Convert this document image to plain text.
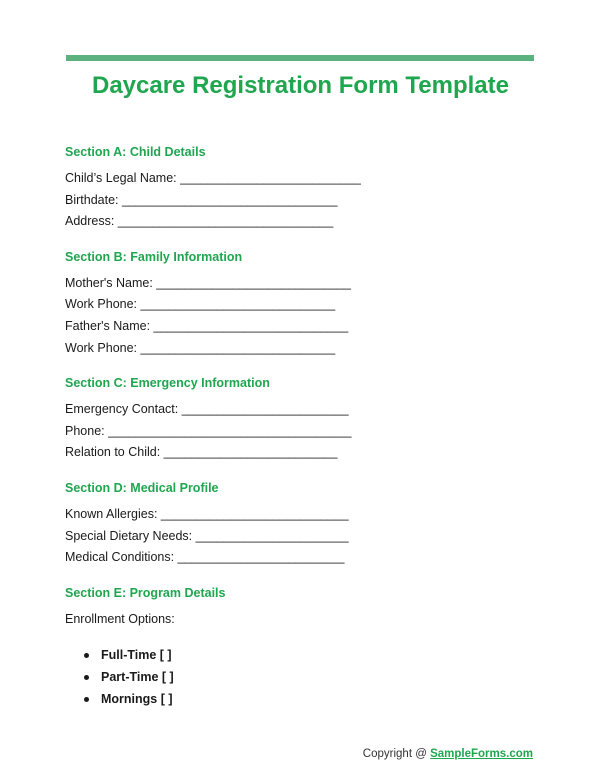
Daycare Registration Form Template
Section A: Child Details
Child’s Legal Name: __________________________
Birthdate: _______________________________
Address: _______________________________
Section B: Family Information
Mother's Name: ____________________________
Work Phone: ____________________________
Father's Name: ____________________________
Work Phone: ____________________________
Section C: Emergency Information
Emergency Contact: ________________________
Phone: ___________________________________
Relation to Child: _________________________
Section D: Medical Profile
Known Allergies: ___________________________
Special Dietary Needs: ______________________
Medical Conditions: ________________________
Section E: Program Details
Enrollment Options:
Full-Time [ ]
Part-Time [ ]
Mornings [ ]
Copyright @ SampleForms.com
